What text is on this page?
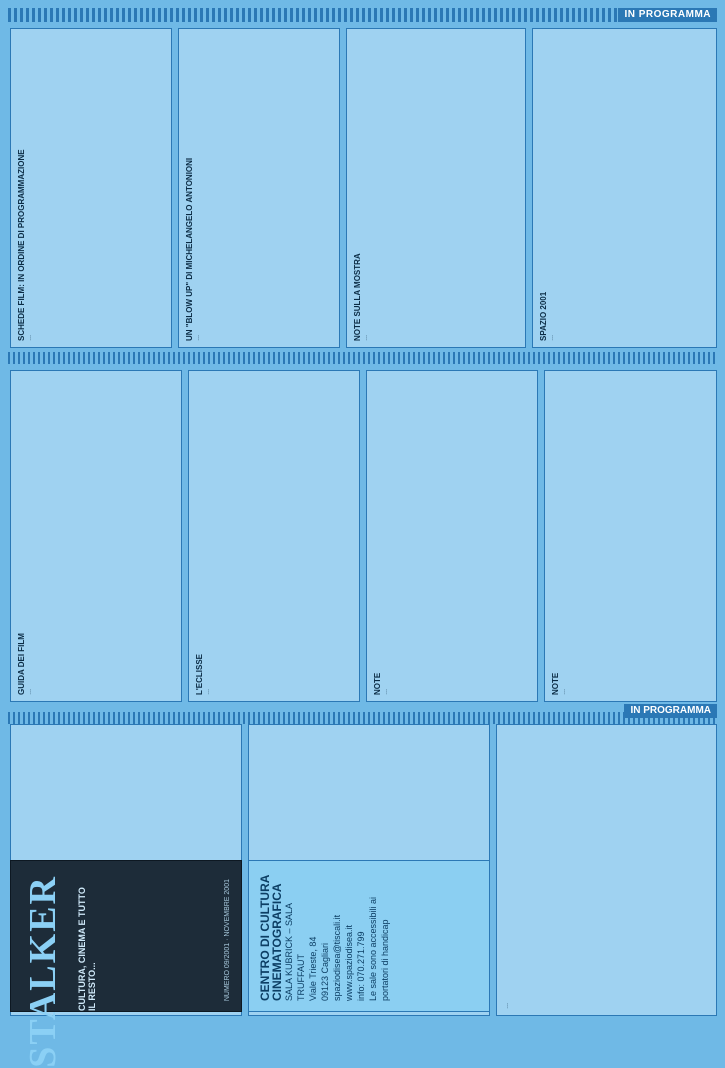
IN PROGRAMMA
SCHEDE FILM: IN ORDINE DI PROGRAMMAZIONE …	UN "BLOW UP" DI MICHELANGELO ANTONIONI …	NOTE SULLA MOSTRA …	SPAZIO 2001 …
GUIDA DEI FILM …	L'ECLISSE …	NOTE …	NOTE …
IN PROGRAMMA
…
STALKER CULTURA, CINEMA E TUTTO IL RESTO...	NUMERO 09/2001 · NOVEMBRE 2001 CENTRO DI CULTURA
CINEMATOGRAFICA SALA KUBRICK – SALA TRUFFAUT Viale Trieste, 84 09123 Cagliari spaziodisea@tiscali.it www.spaziodisea.it info: 070.271.799 Le sale sono accessibili ai portatori di handicap
